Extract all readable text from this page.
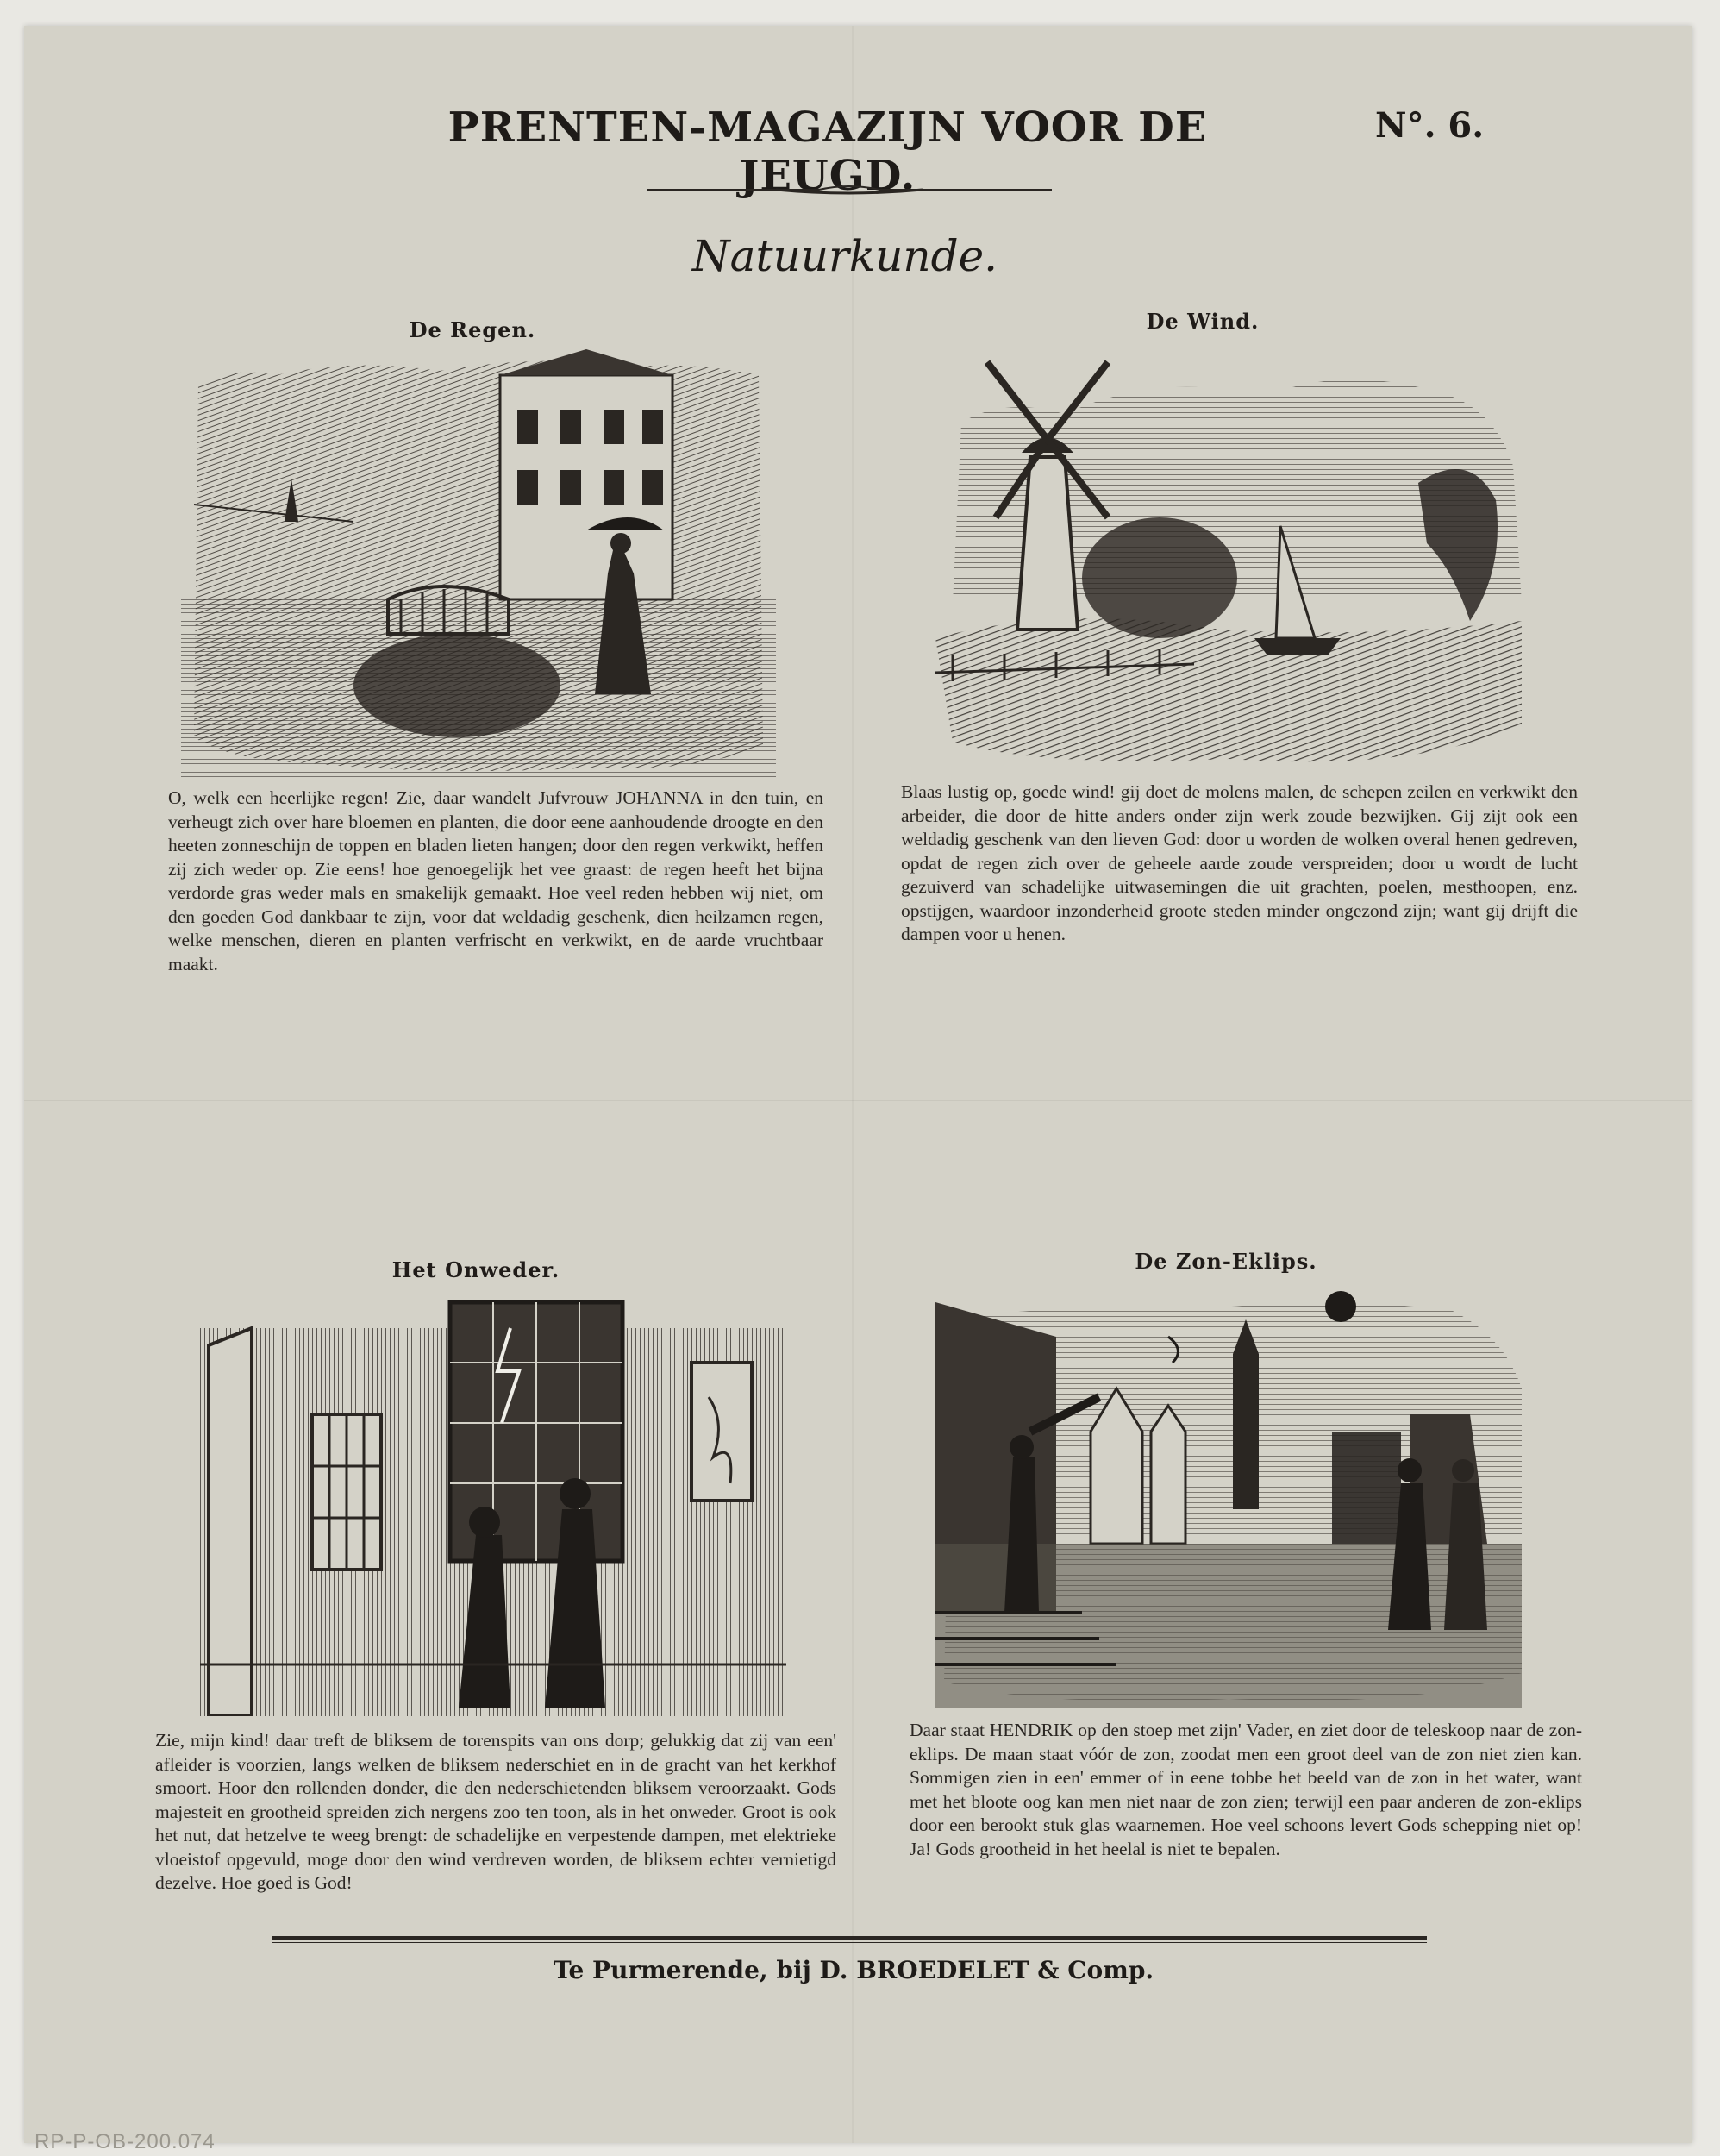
PRENTEN-MAGAZIJN VOOR DE JEUGD.
N°. 6.
Natuurkunde.
De Regen.
O, welk een heerlijke regen! Zie, daar wandelt Jufvrouw JOHANNA in den tuin, en verheugt zich over hare bloemen en planten, die door eene aanhoudende droogte en den heeten zonneschijn de toppen en bladen lieten hangen; door den regen verkwikt, heffen zij zich weder op. Zie eens! hoe genoegelijk het vee graast: de regen heeft het bijna verdorde gras weder mals en smakelijk gemaakt. Hoe veel reden hebben wij niet, om den goeden God dankbaar te zijn, voor dat weldadig geschenk, dien heilzamen regen, welke menschen, dieren en planten verfrischt en verkwikt, en de aarde vruchtbaar maakt.
De Wind.
Blaas lustig op, goede wind! gij doet de molens malen, de schepen zeilen en verkwikt den arbeider, die door de hitte anders onder zijn werk zoude bezwijken. Gij zijt ook een weldadig geschenk van den lieven God: door u worden de wolken overal henen gedreven, opdat de regen zich over de geheele aarde zoude verspreiden; door u wordt de lucht gezuiverd van schadelijke uitwasemingen die uit grachten, poelen, mesthoopen, enz. opstijgen, waardoor inzonderheid groote steden minder ongezond zijn; want gij drijft die dampen voor u henen.
Het Onweder.
Zie, mijn kind! daar treft de bliksem de torenspits van ons dorp; gelukkig dat zij van een' afleider is voorzien, langs welken de bliksem nederschiet en in de gracht van het kerkhof smoort. Hoor den rollenden donder, die den nederschietenden bliksem veroorzaakt. Gods majesteit en grootheid spreiden zich nergens zoo ten toon, als in het onweder. Groot is ook het nut, dat hetzelve te weeg brengt: de schadelijke en verpestende dampen, met elektrieke vloeistof opgevuld, moge door den wind verdreven worden, de bliksem echter vernietigd dezelve. Hoe goed is God!
De Zon-Eklips.
Daar staat HENDRIK op den stoep met zijn' Vader, en ziet door de teleskoop naar de zon-eklips. De maan staat vóór de zon, zoodat men een groot deel van de zon niet zien kan. Sommigen zien in een' emmer of in eene tobbe het beeld van de zon in het water, want met het bloote oog kan men niet naar de zon zien; terwijl een paar anderen de zon-eklips door een berookt stuk glas waarnemen. Hoe veel schoons levert Gods schepping niet op! Ja! Gods grootheid in het heelal is niet te bepalen.
Te Purmerende, bij D. BROEDELET & Comp.
RP-P-OB-200.074
